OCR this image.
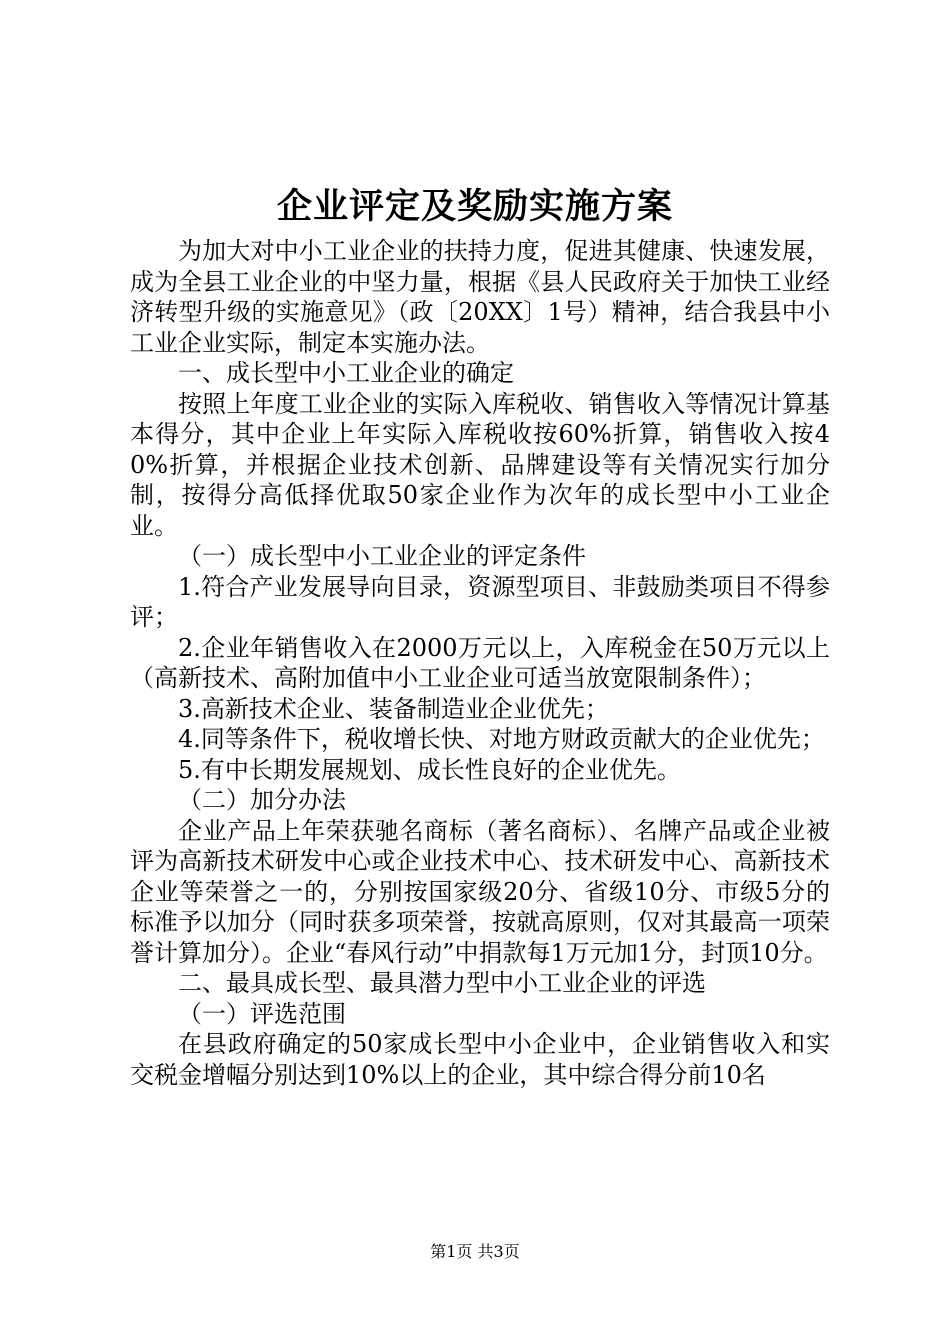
企业评定及奖励实施方案

为加大对中小工业企业的扶持力度，促进其健康、快速发展，成为全县工业企业的中坚力量，根据《县人民政府关于加快工业经济转型升级的实施意见》（政〔20XX〕1号）精神，结合我县中小工业企业实际，制定本实施办法。

一、成长型中小工业企业的确定

按照上年度工业企业的实际入库税收、销售收入等情况计算基本得分，其中企业上年实际入库税收按60%折算，销售收入按40%折算，并根据企业技术创新、品牌建设等有关情况实行加分制，按得分高低择优取50家企业作为次年的成长型中小工业企业。

（一）成长型中小工业企业的评定条件

1.符合产业发展导向目录，资源型项目、非鼓励类项目不得参评；

2.企业年销售收入在2000万元以上，入库税金在50万元以上（高新技术、高附加值中小工业企业可适当放宽限制条件）；

3.高新技术企业、装备制造业企业优先；

4.同等条件下，税收增长快、对地方财政贡献大的企业优先；

5.有中长期发展规划、成长性良好的企业优先。

（二）加分办法

企业产品上年荣获驰名商标（著名商标）、名牌产品或企业被评为高新技术研发中心或企业技术中心、技术研发中心、高新技术企业等荣誉之一的，分别按国家级20分、省级10分、市级5分的标准予以加分（同时获多项荣誉，按就高原则，仅对其最高一项荣誉计算加分）。企业“春风行动”中捐款每1万元加1分，封顶10分。

二、最具成长型、最具潜力型中小工业企业的评选

（一）评选范围

在县政府确定的50家成长型中小企业中，企业销售收入和实交税金增幅分别达到10%以上的企业，其中综合得分前10名

第1页 共3页
